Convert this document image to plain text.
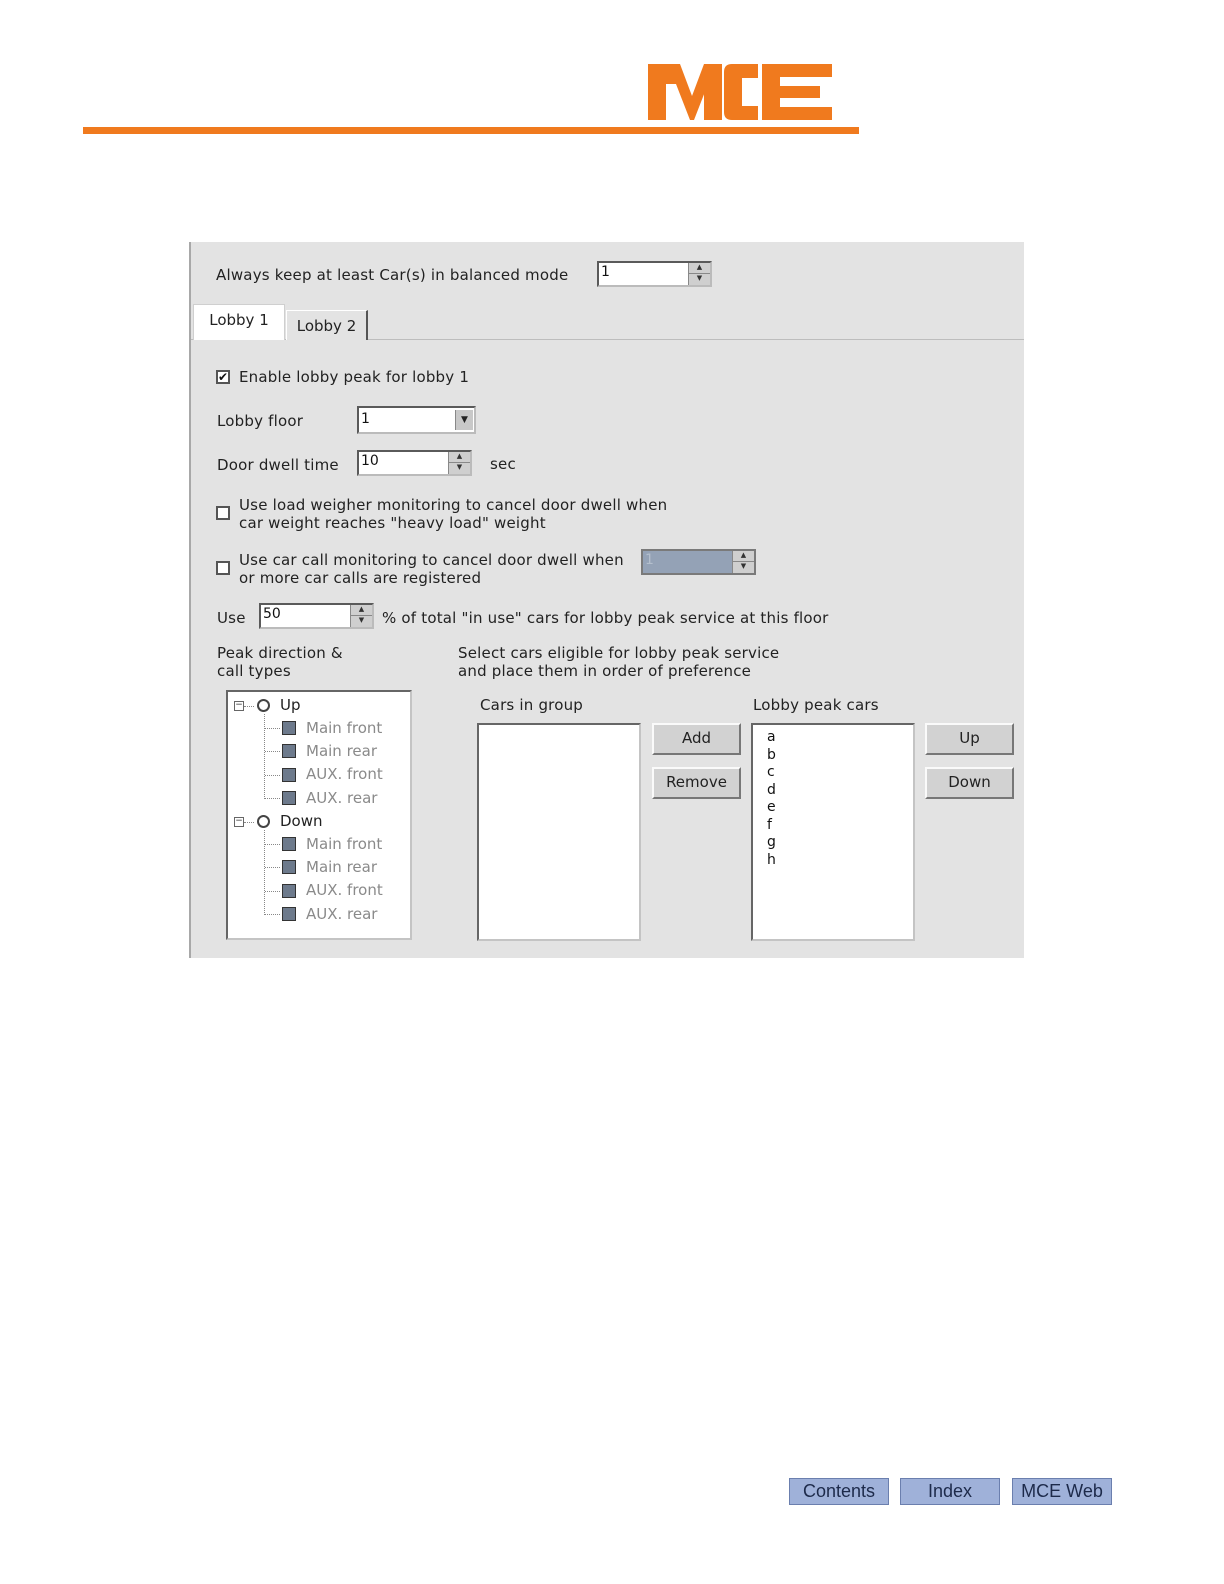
Always keep at least Car(s) in balanced mode 1	▲
▼
Lobby 1	Lobby 2
✔ Enable lobby peak for lobby 1
Lobby floor	1	▼
Door dwell time 10	▲
▼	sec
Use load weigher monitoring to cancel door dwell when
car weight reaches "heavy load" weight
Use car call monitoring to cancel door dwell when
or more car calls are registered
1	▲
▼
Use 50	▲
▼	% of total "in use" cars for lobby peak service at this floor
Peak direction &
call types
− Up
Main front
Main rear
AUX. front
AUX. rear
− Down
Main front
Main rear
AUX. front
AUX. rear
Select cars eligible for lobby peak service
and place them in order of preference
Cars in group
Add
Remove
Lobby peak cars
a
b
c
d
e
f
g
h
Up
Down
Contents	Index	MCE Web
